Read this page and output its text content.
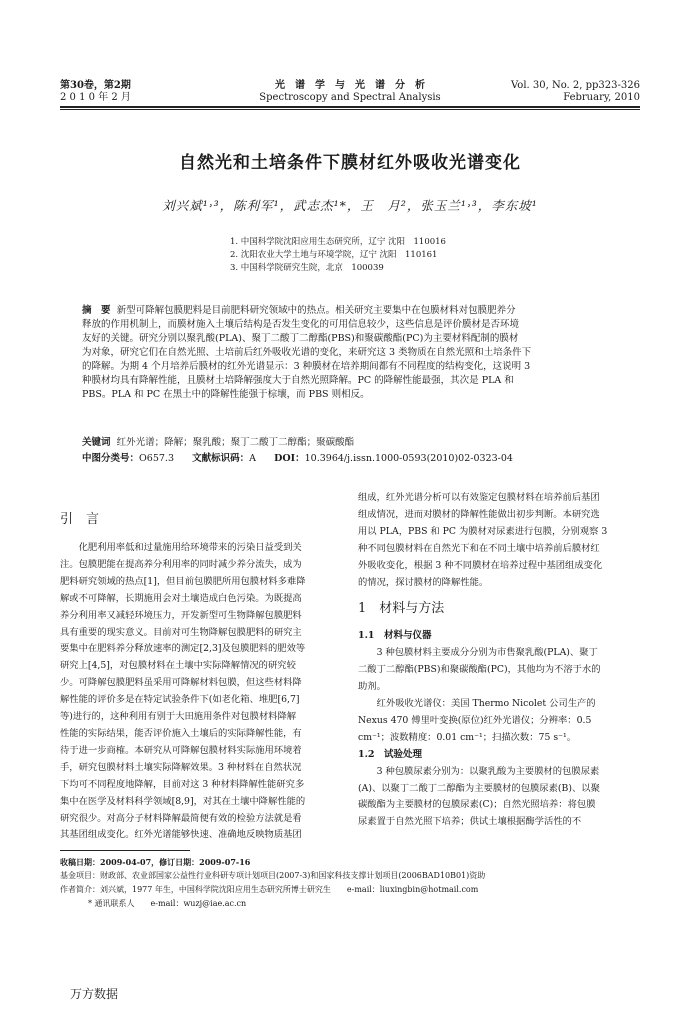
第30卷，第2期
2 0 1 0 年 2 月
光　谱　学　与　光　谱　分　析
Spectroscopy and Spectral Analysis
Vol. 30, No. 2, pp323-326
February, 2010
自然光和土培条件下膜材红外吸收光谱变化
刘兴斌¹˒³，陈利军¹，武志杰¹*，王　月²，张玉兰¹˒³，李东坡¹
1. 中国科学院沈阳应用生态研究所，辽宁 沈阳　110016
2. 沈阳农业大学土地与环境学院，辽宁 沈阳　110161
3. 中国科学院研究生院，北京　100039
摘　要 新型可降解包膜肥料是目前肥料研究领域中的热点。相关研究主要集中在包膜材料对包膜肥养分
释放的作用机制上，而膜材施入土壤后结构是否发生变化的可用信息较少，这些信息是评价膜材是否环境
友好的关键。研究分别以聚乳酸(PLA)、聚丁二酸丁二醇酯(PBS)和聚碳酸酯(PC)为主要材料配制的膜材
为对象，研究它们在自然光照、土培前后红外吸收光谱的变化，来研究这 3 类物质在自然光照和土培条件下
的降解。为期 4 个月培养后膜材的红外光谱显示：3 种膜材在培养期间都有不同程度的结构变化，这说明 3
种膜材均具有降解性能，且膜材土培降解强度大于自然光照降解。PC 的降解性能最强，其次是 PLA 和
PBS。PLA 和 PC 在黑土中的降解性能强于棕壤，而 PBS 则相反。
关键词 红外光谱；降解；聚乳酸；聚丁二酸丁二醇酯；聚碳酸酯
中图分类号：O657.3 文献标识码：A DOI：10.3964/j.issn.1000-0593(2010)02-0323-04
引　言
化肥利用率低和过量施用给环境带来的污染日益受到关
注。包膜肥能在提高养分利用率的同时减少养分流失，成为
肥料研究领域的热点[1]，但目前包膜肥所用包膜材料多难降
解或不可降解，长期施用会对土壤造成白色污染。为既提高
养分利用率又减轻环境压力，开发新型可生物降解包膜肥料
具有重要的现实意义。目前对可生物降解包膜肥料的研究主
要集中在肥料养分释放速率的测定[2,3]及包膜肥料的肥效等
研究上[4,5]，对包膜材料在土壤中实际降解情况的研究较
少。可降解包膜肥料虽采用可降解材料包膜，但这些材料降
解性能的评价多是在特定试验条件下(如老化箱、堆肥[6,7]
等)进行的，这种利用有别于大田施用条件对包膜材料降解
性能的实际结果，能否评价施入土壤后的实际降解性能，有
待于进一步商榷。本研究从可降解包膜材料实际施用环境着
手，研究包膜材料土壤实际降解效果。3 种材料在自然状况
下均可不同程度地降解，目前对这 3 种材料降解性能研究多
集中在医学及材料科学领域[8,9]，对其在土壤中降解性能的
研究很少。对高分子材料降解最简便有效的检验方法就是看
其基团组成变化。红外光谱能够快速、准确地反映物质基团
组成，红外光谱分析可以有效鉴定包膜材料在培养前后基团
组成情况，进而对膜材的降解性能做出初步判断。本研究选
用以 PLA，PBS 和 PC 为膜材对尿素进行包膜，分别观察 3
种不同包膜材料在自然光下和在不同土壤中培养前后膜材红
外吸收变化，根据 3 种不同膜材在培养过程中基团组成变化
的情况，探讨膜材的降解性能。
1　材料与方法
1.1　材料与仪器
3 种包膜材料主要成分分别为市售聚乳酸(PLA)、聚丁
二酸丁二醇酯(PBS)和聚碳酸酯(PC)，其他均为不溶于水的
助剂。
红外吸收光谱仪：美国 Thermo Nicolet 公司生产的
Nexus 470 傅里叶变换(原位)红外光谱仪；分辨率：0.5
cm⁻¹；波数精度：0.01 cm⁻¹；扫描次数：75 s⁻¹。
1.2　试验处理
3 种包膜尿素分别为：以聚乳酸为主要膜材的包膜尿素
(A)、以聚丁二酸丁二醇酯为主要膜材的包膜尿素(B)、以聚
碳酸酯为主要膜材的包膜尿素(C)；自然光照培养：将包膜
尿素置于自然光照下培养；供试土壤根据酶学活性的不
收稿日期：2009-04-07，修订日期：2009-07-16
基金项目：财政部、农业部国家公益性行业科研专项计划项目(2007-3)和国家科技支撑计划项目(2006BAD10B01)资助
作者简介：刘兴斌，1977 年生，中国科学院沈阳应用生态研究所博士研究生　　e-mail：liuxingbin@hotmail.com
* 通讯联系人　　e-mail：wuzj@iae.ac.cn
万方数据
